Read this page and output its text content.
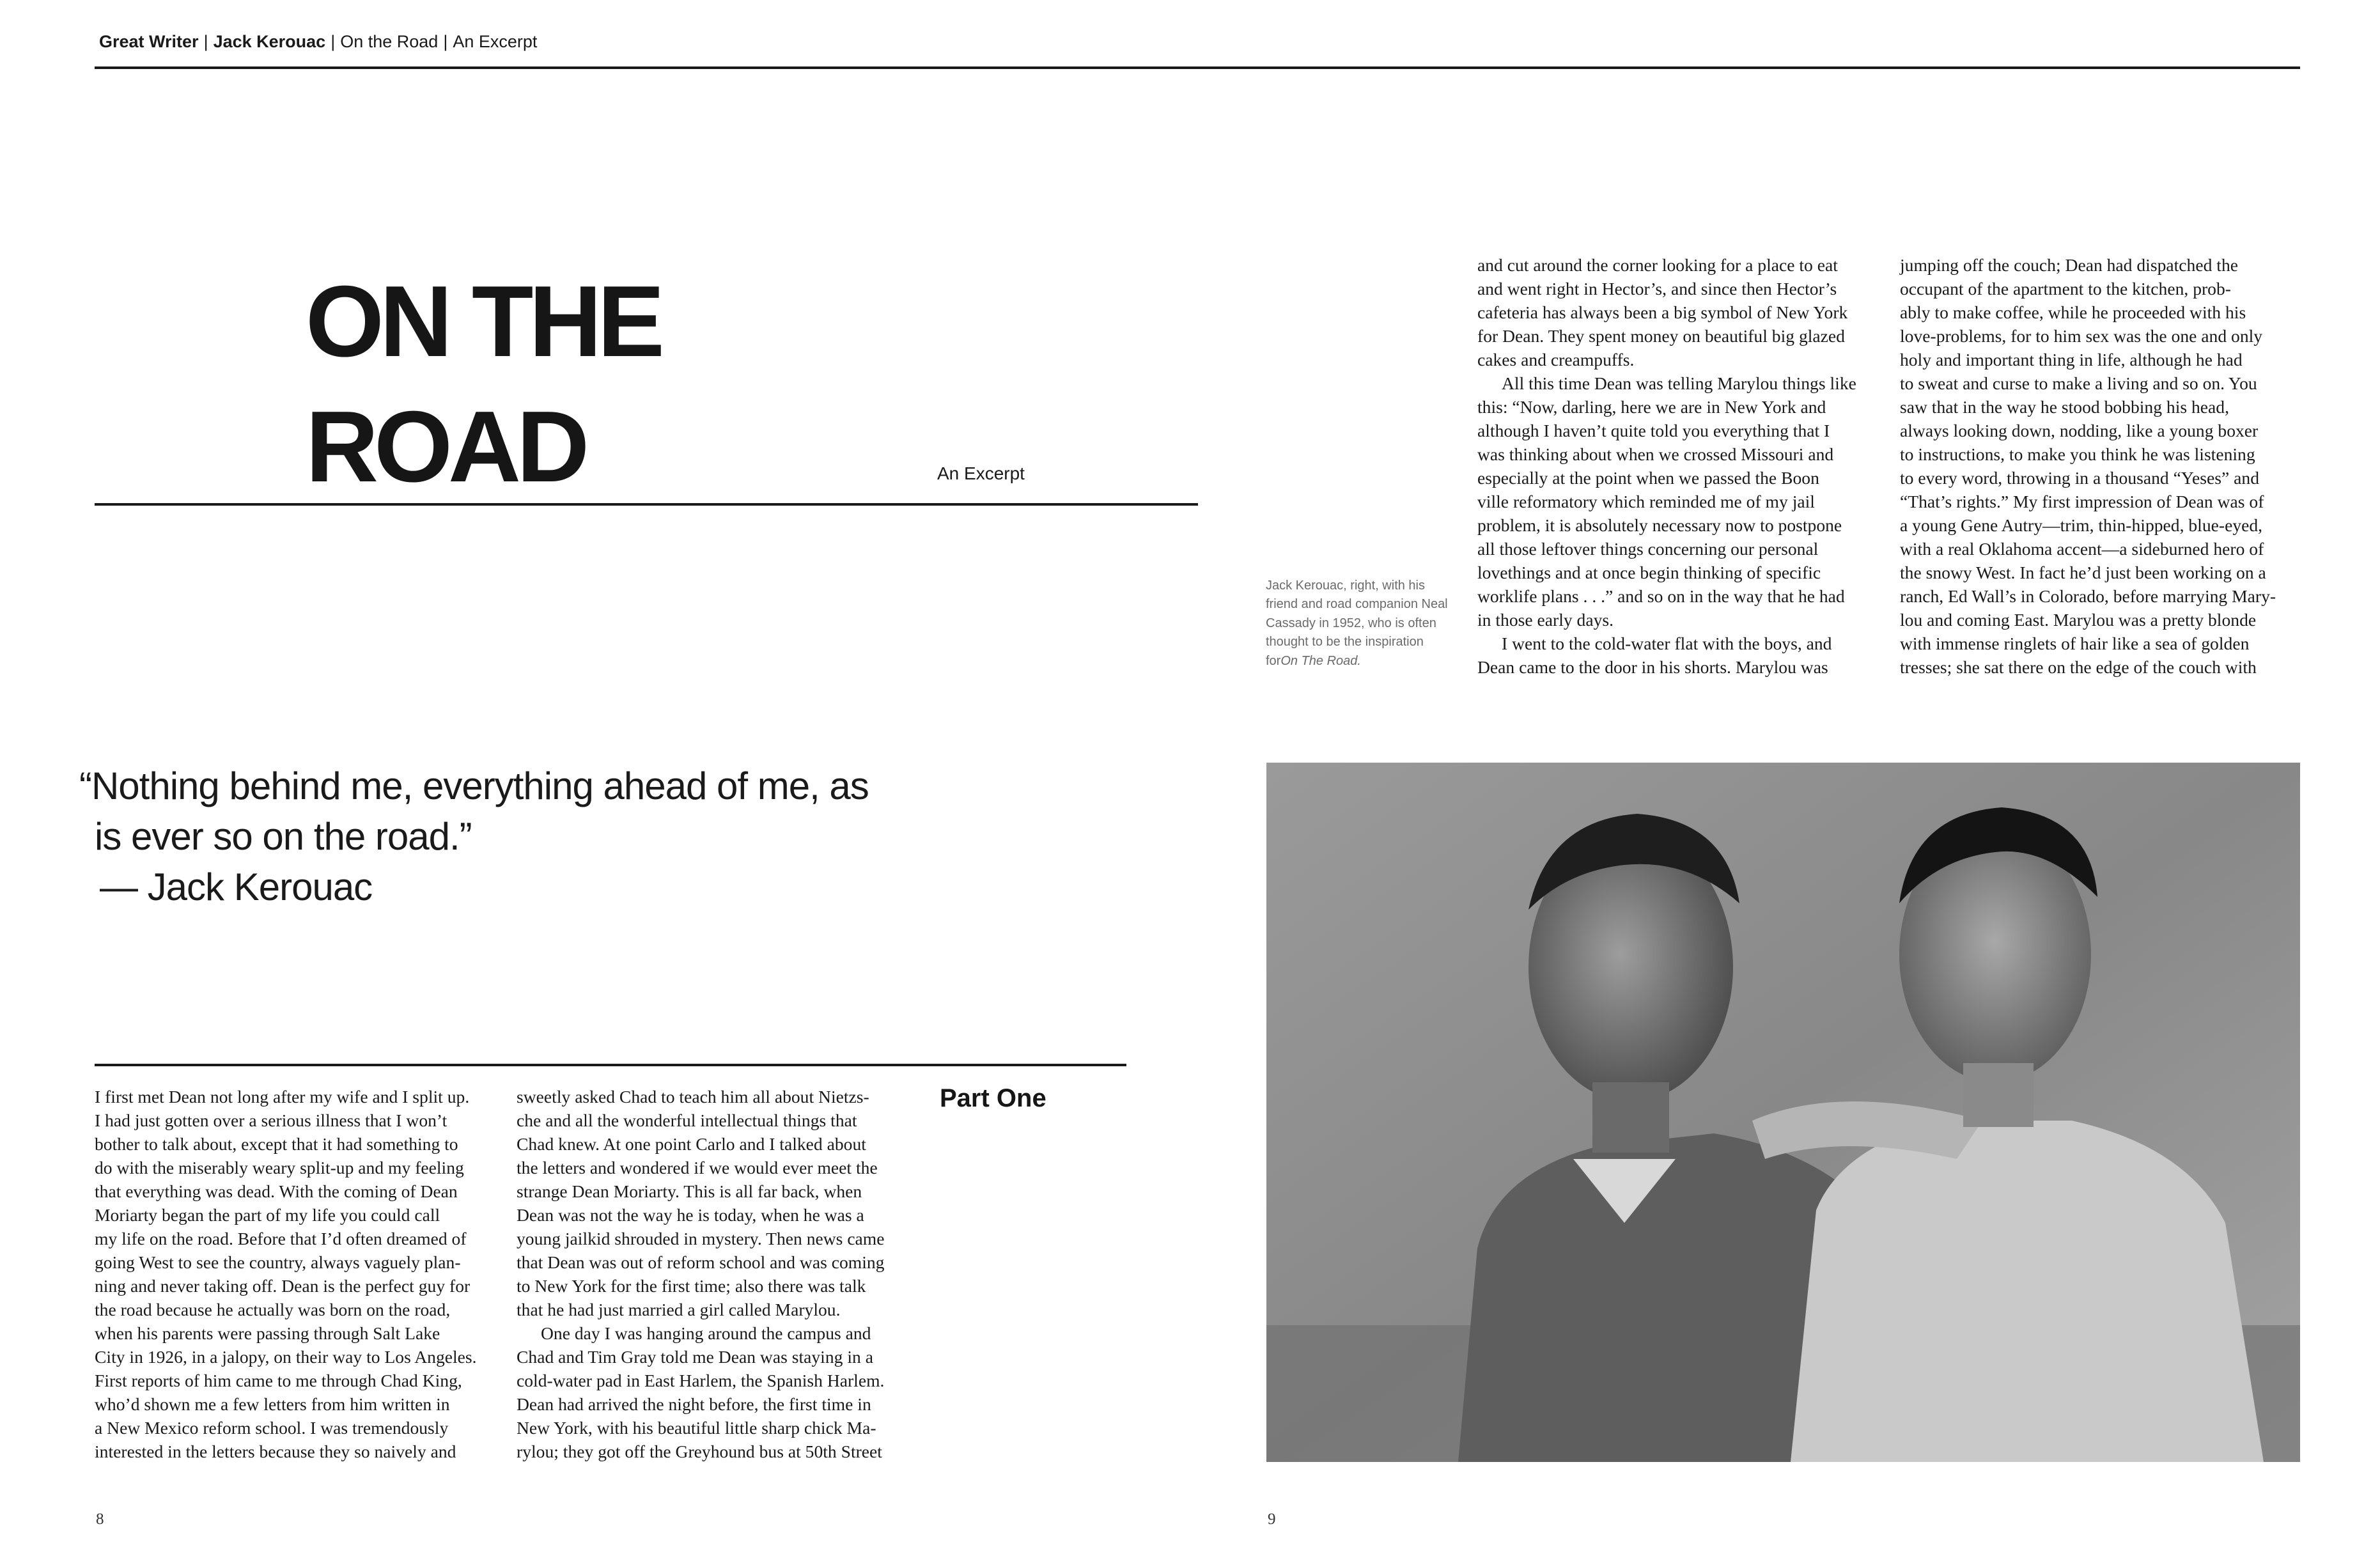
Great Writer | Jack Kerouac | On the Road | An Excerpt
ON THE
ROAD	An Excerpt
Jack Kerouac, right, with his
friend and road companion Neal
Cassady in 1952, who is often
thought to be the inspiration
forOn The Road.
and cut around the corner looking for a place to eat
and went right in Hector’s, and since then Hector’s
cafeteria has always been a big symbol of New York
for Dean. They spent money on beautiful big glazed
cakes and creampuffs.
All this time Dean was telling Marylou things like
this: “Now, darling, here we are in New York and
although I haven’t quite told you everything that I
was thinking about when we crossed Missouri and
especially at the point when we passed the Boon
ville reformatory which reminded me of my jail
problem, it is absolutely necessary now to postpone
all those leftover things concerning our personal
lovethings and at once begin thinking of specific
worklife plans . . .” and so on in the way that he had
in those early days.
I went to the cold-water flat with the boys, and
Dean came to the door in his shorts. Marylou was
jumping off the couch; Dean had dispatched the
occupant of the apartment to the kitchen, prob-
ably to make coffee, while he proceeded with his
love-problems, for to him sex was the one and only
holy and important thing in life, although he had
to sweat and curse to make a living and so on. You
saw that in the way he stood bobbing his head,
always looking down, nodding, like a young boxer
to instructions, to make you think he was listening
to every word, throwing in a thousand “Yeses” and
“That’s rights.” My first impression of Dean was of
a young Gene Autry—trim, thin-hipped, blue-eyed,
with a real Oklahoma accent—a sideburned hero of
the snowy West. In fact he’d just been working on a
ranch, Ed Wall’s in Colorado, before marrying Mary-
lou and coming East. Marylou was a pretty blonde
with immense ringlets of hair like a sea of golden
tresses; she sat there on the edge of the couch with
“Nothing behind me, everything ahead of me, as
is ever so on the road.”
— Jack Kerouac
Part One
I first met Dean not long after my wife and I split up.
I had just gotten over a serious illness that I won’t
bother to talk about, except that it had something to
do with the miserably weary split-up and my feeling
that everything was dead. With the coming of Dean
Moriarty began the part of my life you could call
my life on the road. Before that I’d often dreamed of
going West to see the country, always vaguely plan-
ning and never taking off. Dean is the perfect guy for
the road because he actually was born on the road,
when his parents were passing through Salt Lake
City in 1926, in a jalopy, on their way to Los Angeles.
First reports of him came to me through Chad King,
who’d shown me a few letters from him written in
a New Mexico reform school. I was tremendously
interested in the letters because they so naively and
sweetly asked Chad to teach him all about Nietzs-
che and all the wonderful intellectual things that
Chad knew. At one point Carlo and I talked about
the letters and wondered if we would ever meet the
strange Dean Moriarty. This is all far back, when
Dean was not the way he is today, when he was a
young jailkid shrouded in mystery. Then news came
that Dean was out of reform school and was coming
to New York for the first time; also there was talk
that he had just married a girl called Marylou.
One day I was hanging around the campus and
Chad and Tim Gray told me Dean was staying in a
cold-water pad in East Harlem, the Spanish Harlem.
Dean had arrived the night before, the first time in
New York, with his beautiful little sharp chick Ma-
rylou; they got off the Greyhound bus at 50th Street
8	9
